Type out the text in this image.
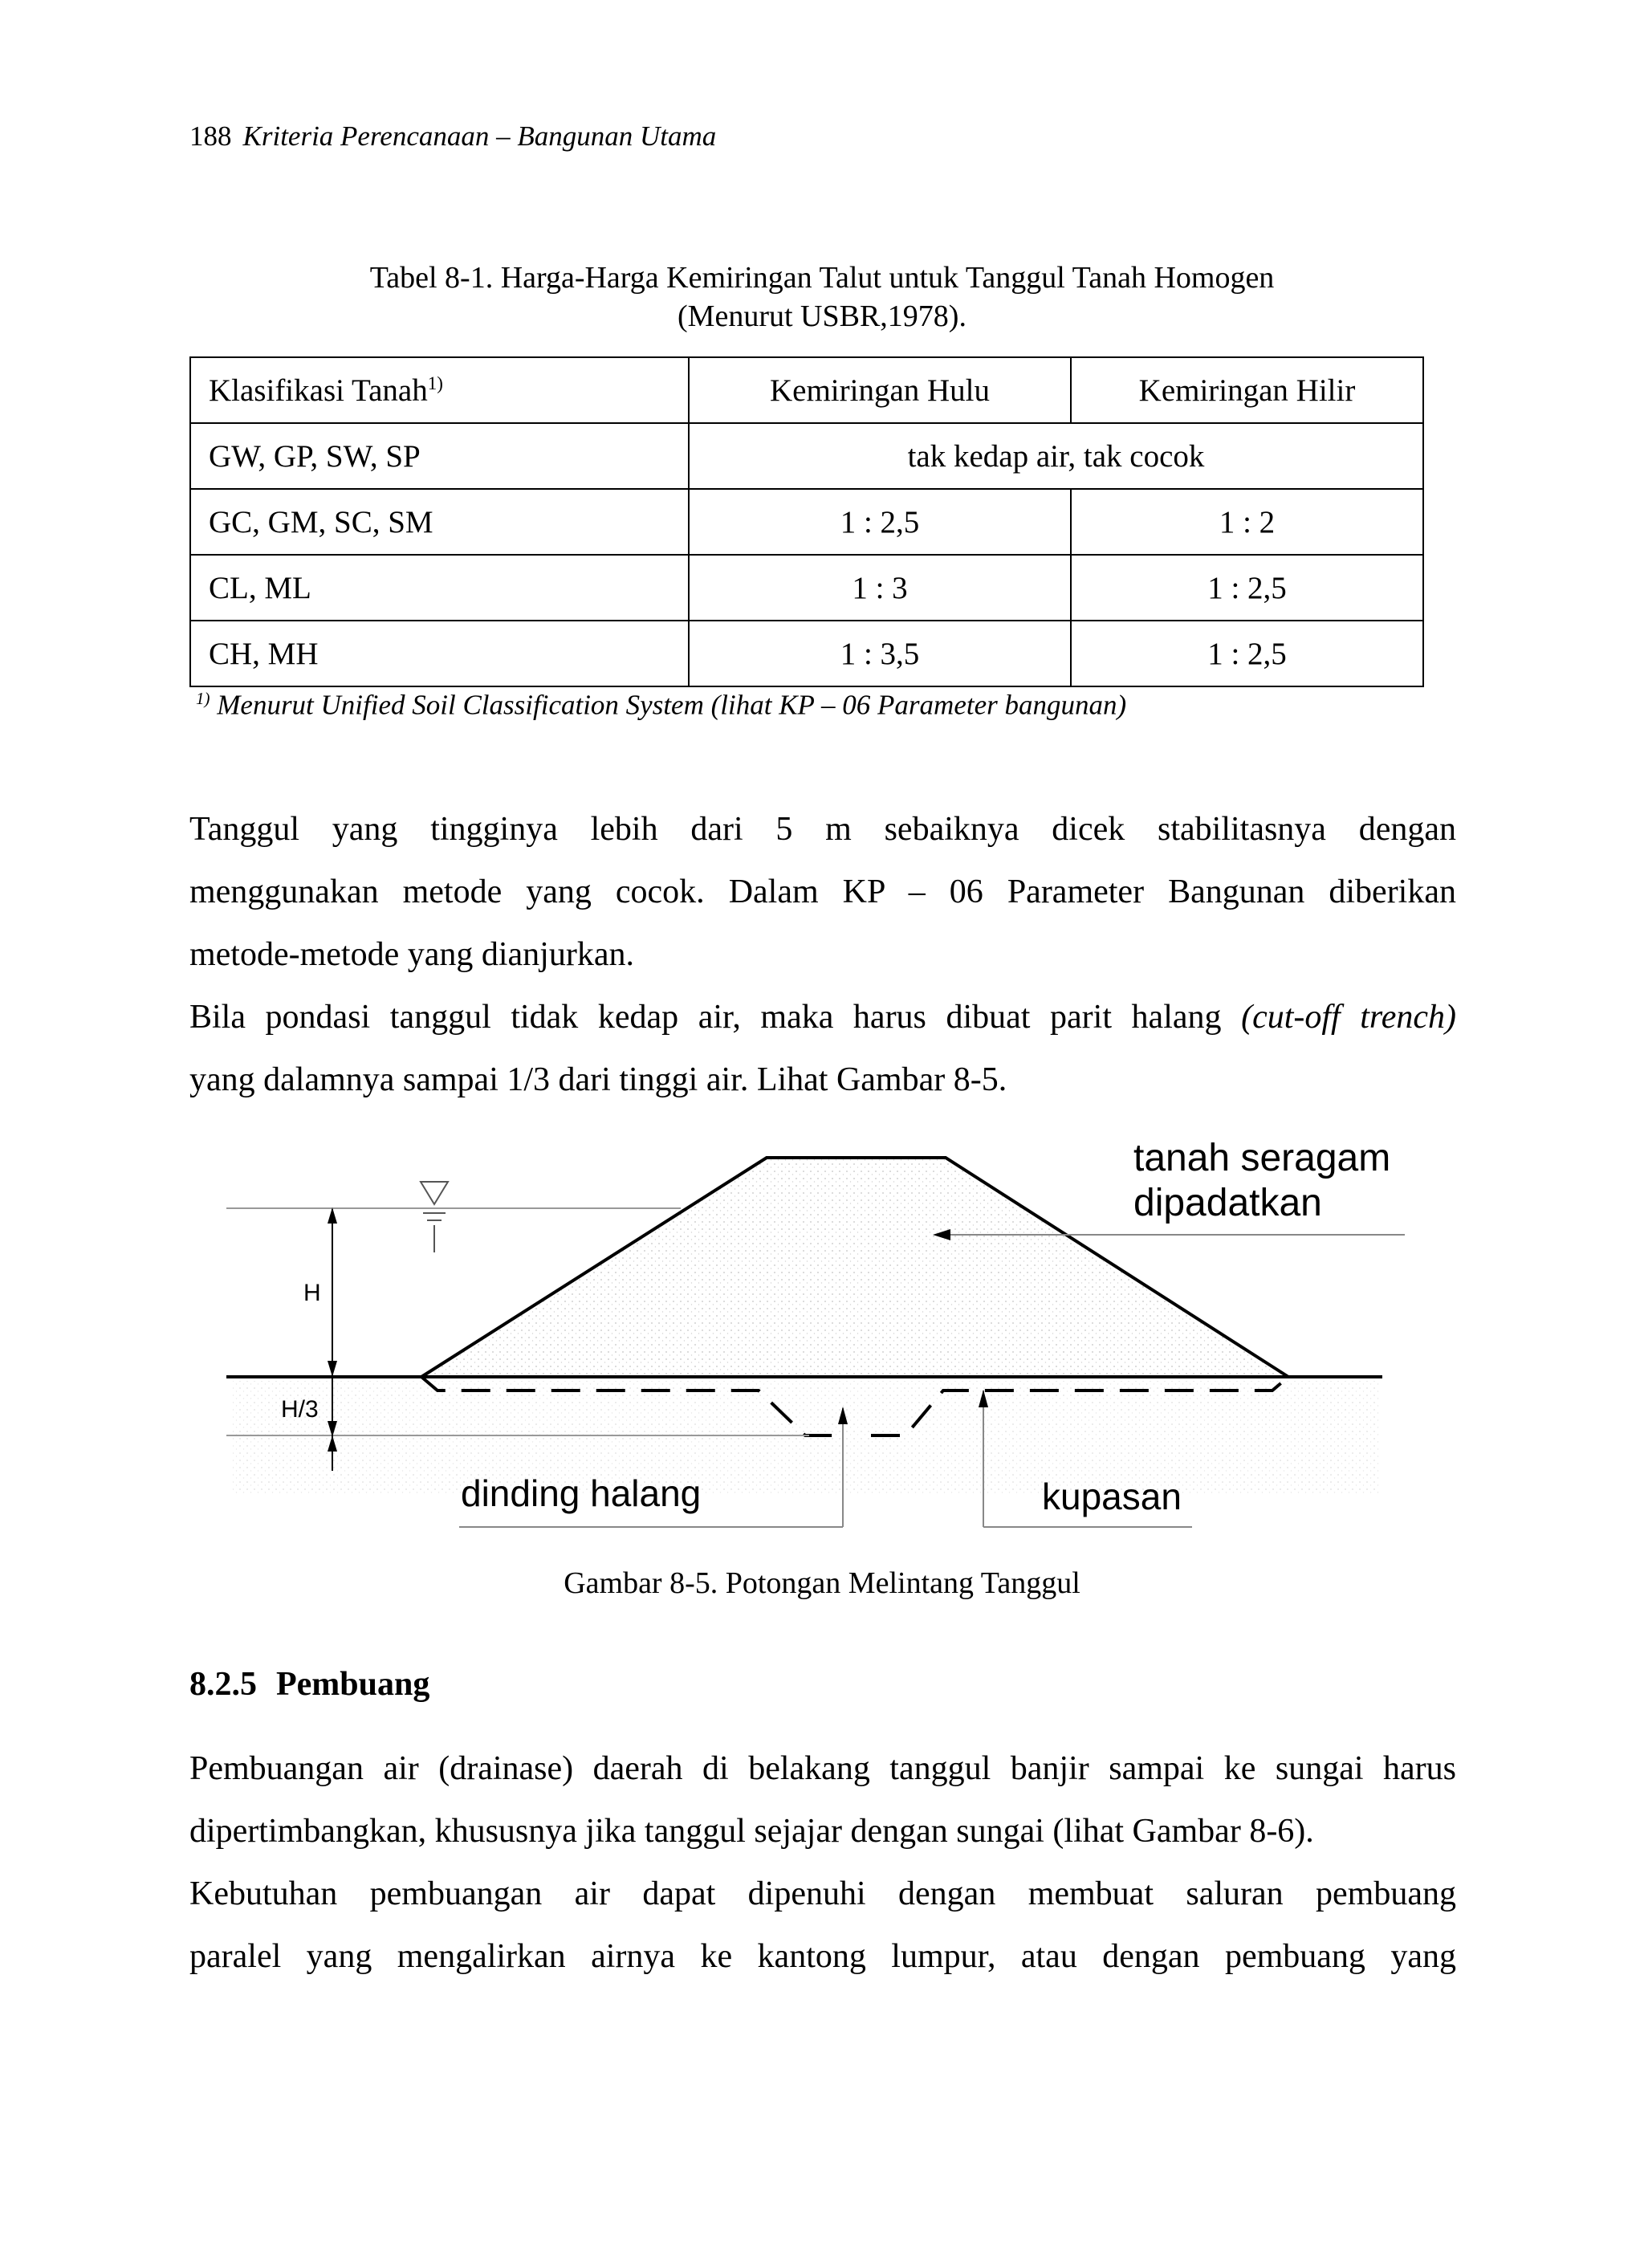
188 Kriteria Perencanaan – Bangunan Utama
Tabel 8-1. Harga-Harga Kemiringan Talut untuk Tanggul Tanah Homogen
(Menurut USBR,1978).
Klasifikasi Tanah$^{1)}$	Kemiringan Hulu	Kemiringan Hilir
GW, GP, SW, SP	tak kedap air, tak cocok	
GC, GM, SC, SM	1 : 2,5	1 : 2
CL, ML	1 : 3	1 : 2,5
CH, MH	1 : 3,5	1 : 2,5
$^{1)}$ Menurut Unified Soil Classification System (lihat KP – 06 Parameter bangunan)
Tanggul yang tingginya lebih dari 5 m sebaiknya dicek stabilitasnya dengan
menggunakan metode yang cocok. Dalam KP – 06 Parameter Bangunan diberikan
metode-metode yang dianjurkan.
Bila pondasi tanggul tidak kedap air, maka harus dibuat parit halang (cut-off trench)
yang dalamnya sampai 1/3 dari tinggi air. Lihat Gambar 8-5.
H
H/3
tanah seragam
dipadatkan
dinding halang	kupasan
Gambar 8-5. Potongan Melintang Tanggul
8.2.5 Pembuang
Pembuangan air (drainase) daerah di belakang tanggul banjir sampai ke sungai harus
dipertimbangkan, khususnya jika tanggul sejajar dengan sungai (lihat Gambar 8-6).
Kebutuhan pembuangan air dapat dipenuhi dengan membuat saluran pembuang
paralel yang mengalirkan airnya ke kantong lumpur, atau dengan pembuang yang
